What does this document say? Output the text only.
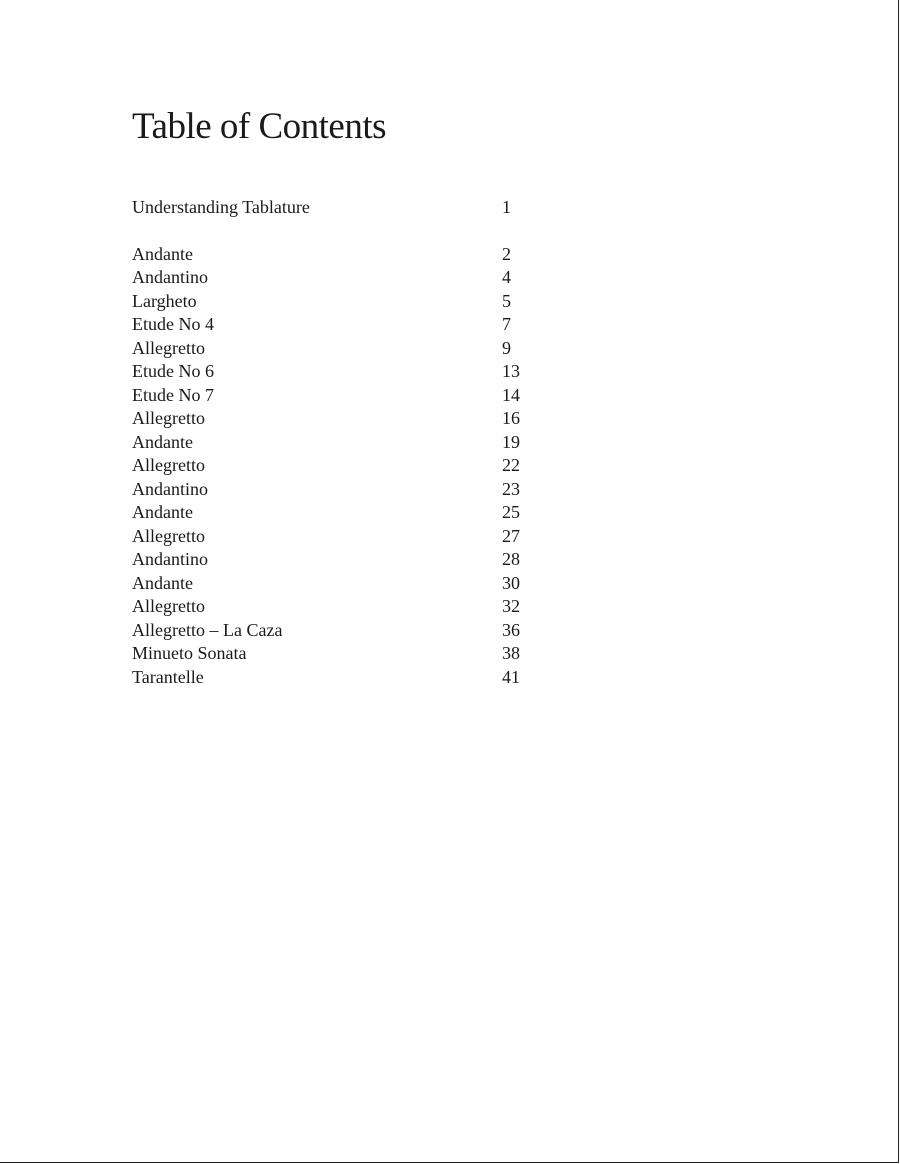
Table of Contents
Understanding Tablature	1
Andante	2
Andantino	4
Largheto	5
Etude No 4	7
Allegretto	9
Etude No 6	13
Etude No 7	14
Allegretto	16
Andante	19
Allegretto	22
Andantino	23
Andante	25
Allegretto	27
Andantino	28
Andante	30
Allegretto	32
Allegretto – La Caza	36
Minueto Sonata	38
Tarantelle	41
